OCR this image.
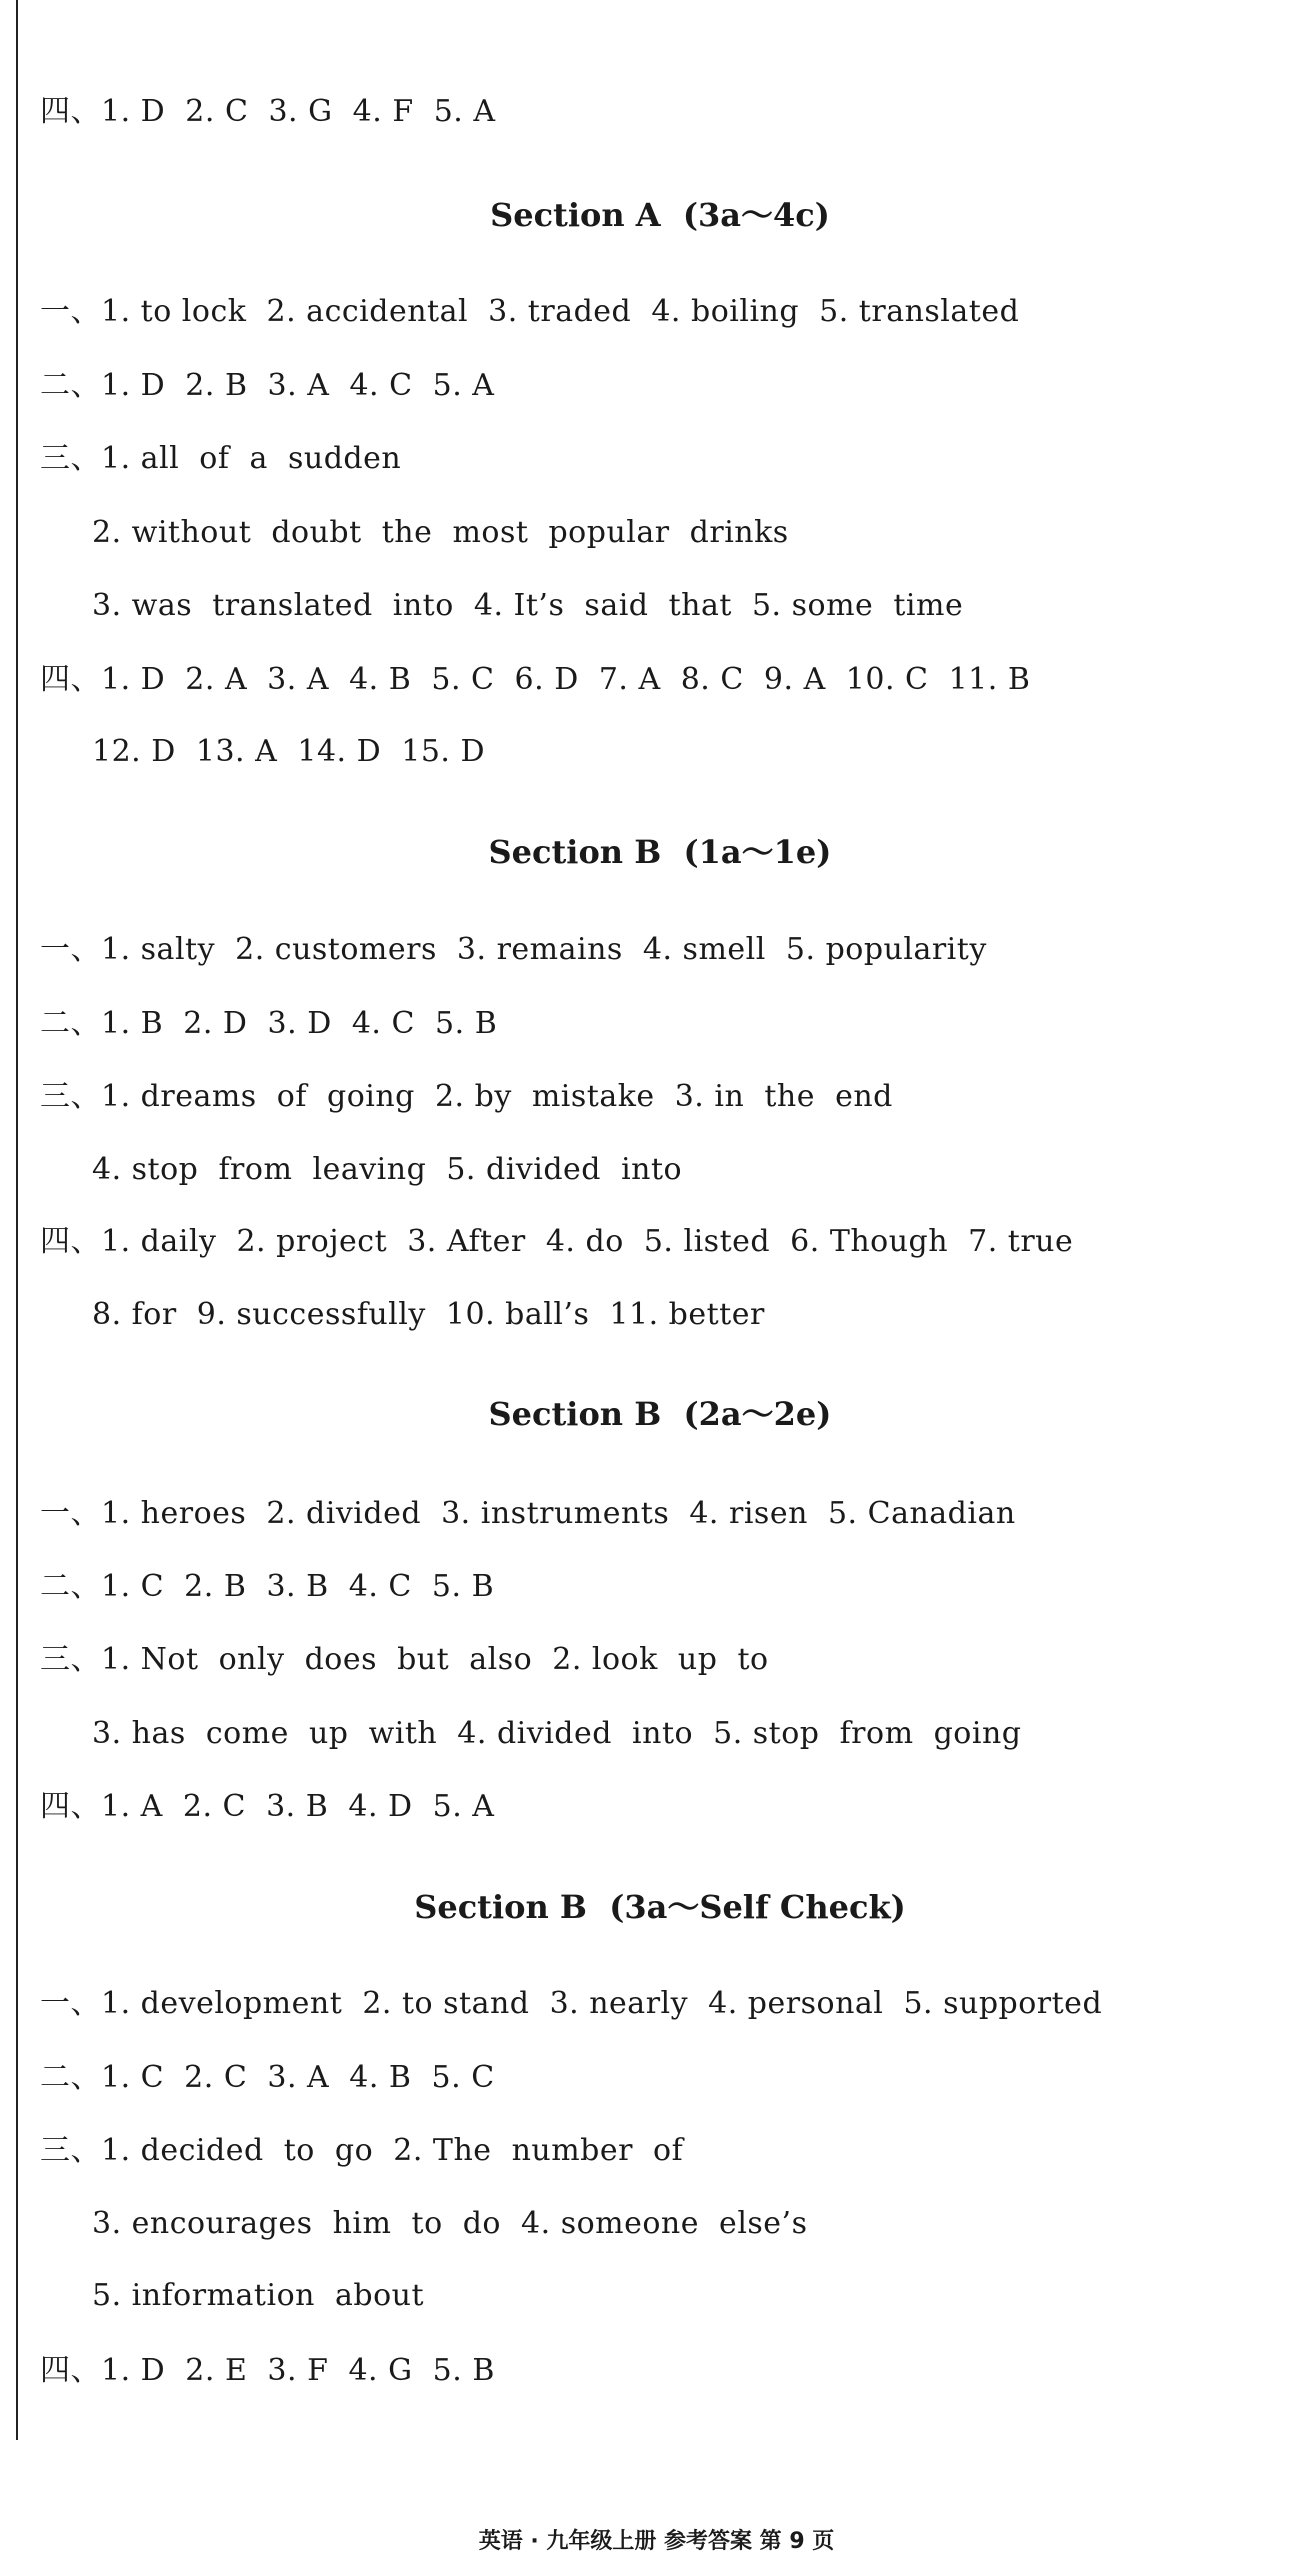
四、1. D  2. C  3. G  4. F  5. A
Section A  (3a～4c)
一、1. to lock  2. accidental  3. traded  4. boiling  5. translated
二、1. D  2. B  3. A  4. C  5. A
三、1. all  of  a  sudden
2. without  doubt  the  most  popular  drinks
3. was  translated  into  4. It’s  said  that  5. some  time
四、1. D  2. A  3. A  4. B  5. C  6. D  7. A  8. C  9. A  10. C  11. B
12. D  13. A  14. D  15. D
Section B  (1a～1e)
一、1. salty  2. customers  3. remains  4. smell  5. popularity
二、1. B  2. D  3. D  4. C  5. B
三、1. dreams  of  going  2. by  mistake  3. in  the  end
4. stop  from  leaving  5. divided  into
四、1. daily  2. project  3. After  4. do  5. listed  6. Though  7. true
8. for  9. successfully  10. ball’s  11. better
Section B  (2a～2e)
一、1. heroes  2. divided  3. instruments  4. risen  5. Canadian
二、1. C  2. B  3. B  4. C  5. B
三、1. Not  only  does  but  also  2. look  up  to
3. has  come  up  with  4. divided  into  5. stop  from  going
四、1. A  2. C  3. B  4. D  5. A
Section B  (3a～Self Check)
一、1. development  2. to stand  3. nearly  4. personal  5. supported
二、1. C  2. C  3. A  4. B  5. C
三、1. decided  to  go  2. The  number  of
3. encourages  him  to  do  4. someone  else’s
5. information  about
四、1. D  2. E  3. F  4. G  5. B
英语 · 九年级上册 参考答案 第 9 页
